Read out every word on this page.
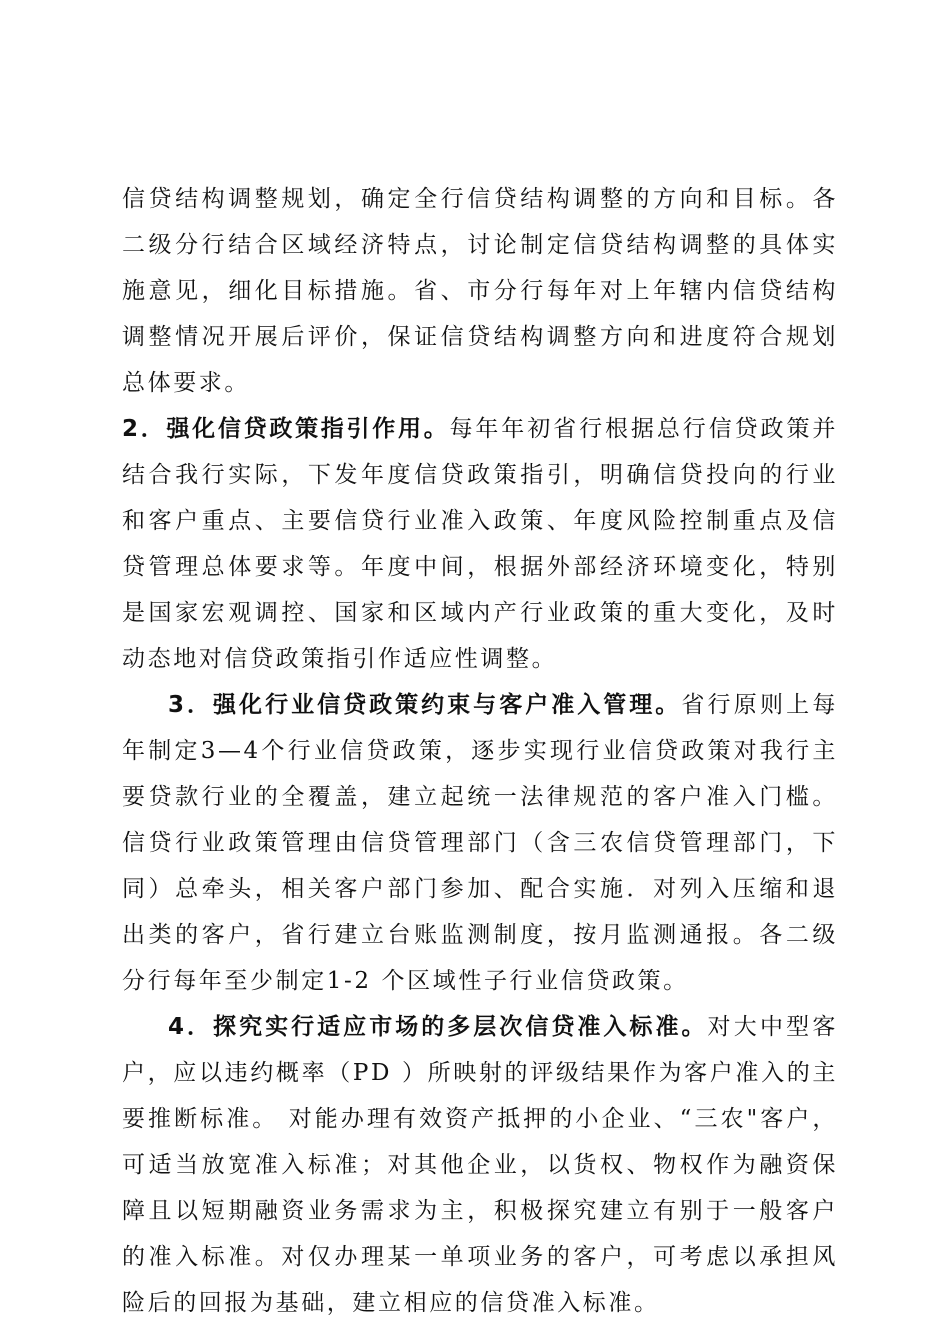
信贷结构调整规划，确定全行信贷结构调整的方向和目标。各二级分行结合区域经济特点，讨论制定信贷结构调整的具体实施意见，细化目标措施。省、市分行每年对上年辖内信贷结构调整情况开展后评价，保证信贷结构调整方向和进度符合规划总体要求。

2．强化信贷政策指引作用。每年年初省行根据总行信贷政策并结合我行实际，下发年度信贷政策指引，明确信贷投向的行业和客户重点、主要信贷行业准入政策、年度风险控制重点及信贷管理总体要求等。年度中间，根据外部经济环境变化，特别是国家宏观调控、国家和区域内产行业政策的重大变化，及时动态地对信贷政策指引作适应性调整。

3．强化行业信贷政策约束与客户准入管理。省行原则上每年制定3—4个行业信贷政策，逐步实现行业信贷政策对我行主要贷款行业的全覆盖，建立起统一法律规范的客户准入门槛。信贷行业政策管理由信贷管理部门（含三农信贷管理部门，下同）总牵头，相关客户部门参加、配合实施．对列入压缩和退出类的客户，省行建立台账监测制度，按月监测通报。各二级分行每年至少制定1-2 个区域性子行业信贷政策。

4．探究实行适应市场的多层次信贷准入标准。对大中型客户，应以违约概率（PD ）所映射的评级结果作为客户准入的主要推断标准。 对能办理有效资产抵押的小企业、“三农"客户，可适当放宽准入标准；对其他企业，以货权、物权作为融资保障且以短期融资业务需求为主，积极探究建立有别于一般客户的准入标准。对仅办理某一单项业务的客户，可考虑以承担风险后的回报为基础，建立相应的信贷准入标准。
